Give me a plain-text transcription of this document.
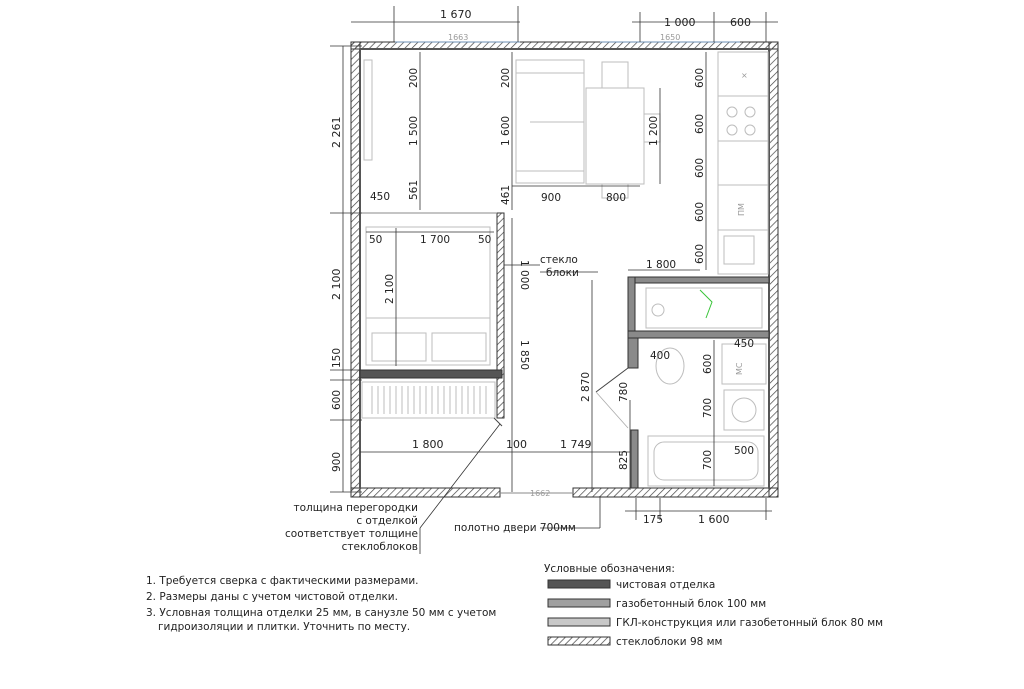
×
ПМ
МС
1 670
1 000	600
1663	1650
2 261
2 100
150
600
900
200
1 500
561
450
200
1 600	1 200
900	800
461
600
600
600
600
600
50	1 700	50
2 100	1 000
1 850
1 800	100	1 749
1662
1 800
2 870 780
825
400
450
600
700
700 500
175	1 600
стекло
блоки
толщина перегородки
с отделкой
соответствует толщине
стеклоблоков
полотно двери 700мм
1. Требуется сверка с фактическими размерами.
2. Размеры даны с учетом чистовой отделки.
3. Условная толщина отделки 25 мм, в санузле 50 мм с учетом
гидроизоляции и плитки. Уточнить по месту.
Условные обозначения:
чистовая отделка
газобетонный блок 100 мм
ГКЛ-конструкция или газобетонный блок 80 мм
стеклоблоки 98 мм
